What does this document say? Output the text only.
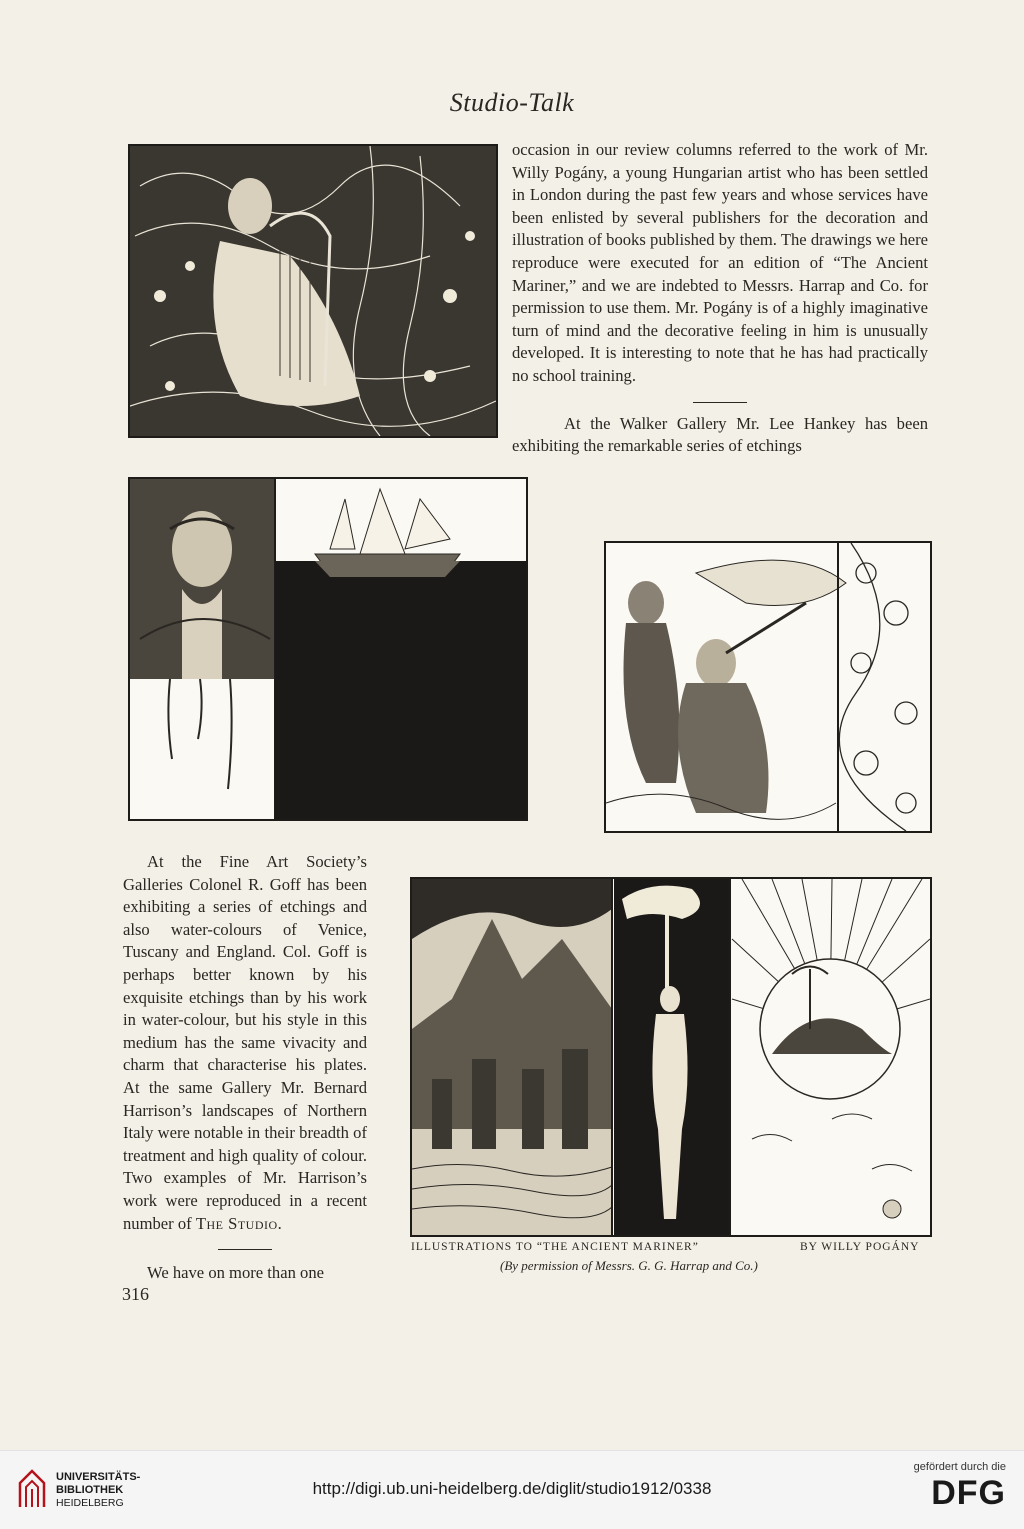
Studio-Talk

occasion in our review columns referred to the work of Mr. Willy Pogány, a young Hungarian artist who has been settled in London during the past few years and whose services have been enlisted by several publishers for the decoration and illustration of books published by them. The drawings we here reproduce were executed for an edition of “The Ancient Mariner,” and we are indebted to Messrs. Harrap and Co. for permission to use them. Mr. Pogány is of a highly imaginative turn of mind and the decorative feeling in him is unusually developed. It is interesting to note that he has had practically no school training.

At the Walker Gallery Mr. Lee Hankey has been exhibiting the remarkable series of etchings

At the Fine Art Society’s Galleries Colonel R. Goff has been exhibiting a series of etchings and also water-colours of Venice, Tuscany and England. Col. Goff is perhaps better known by his exquisite etchings than by his work in water-colour, but his style in this medium has the same vivacity and charm that characterise his plates. At the same Gallery Mr. Bernard Harrison’s landscapes of Northern Italy were notable in their breadth of treatment and high quality of colour. Two examples of Mr. Harrison’s work were reproduced in a recent number of The Studio.

We have on more than one

ILLUSTRATIONS TO “THE ANCIENT MARINER”	BY WILLY POGÁNY
(By permission of Messrs. G. G. Harrap and Co.)
316
UNIVERSITÄTS-
BIBLIOTHEK
HEIDELBERG
http://digi.ub.uni-heidelberg.de/diglit/studio1912/0338
gefördert durch die
DFG
